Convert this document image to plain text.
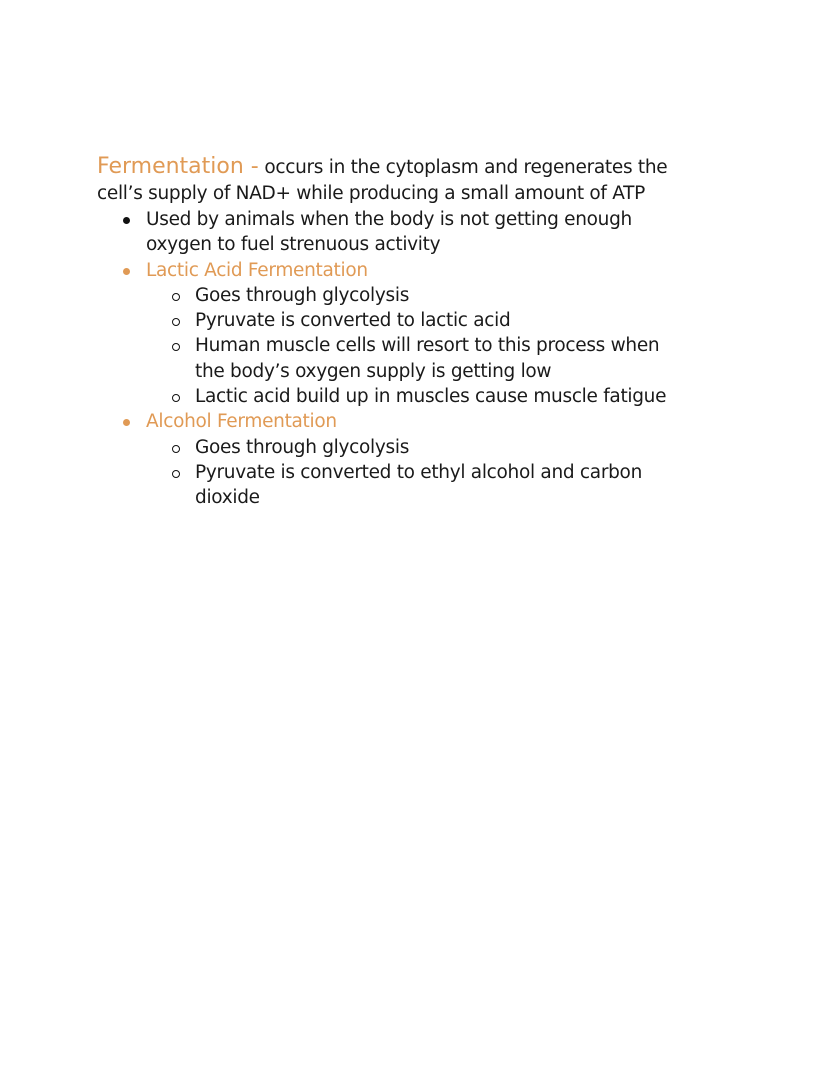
Fermentation - occurs in the cytoplasm and regenerates the
cell’s supply of NAD+ while producing a small amount of ATP
Used by animals when the body is not getting enough
oxygen to fuel strenuous activity
Lactic Acid Fermentation
Goes through glycolysis
Pyruvate is converted to lactic acid
Human muscle cells will resort to this process when
the body’s oxygen supply is getting low
Lactic acid build up in muscles cause muscle fatigue
Alcohol Fermentation
Goes through glycolysis
Pyruvate is converted to ethyl alcohol and carbon
dioxide
